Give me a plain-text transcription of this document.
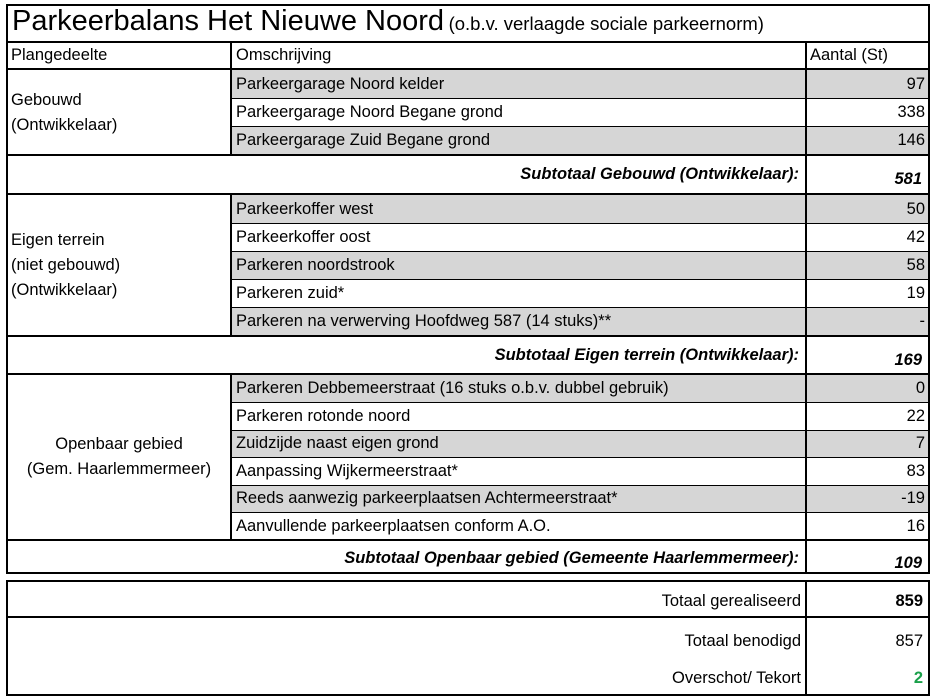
Parkeerbalans Het Nieuwe Noord (o.b.v. verlaagde sociale parkeernorm)
Plangedeelte	Omschrijving	Aantal (St)
Gebouwd
(Ontwikkelaar)
Parkeergarage Noord kelder	97
Parkeergarage Noord Begane grond	338
Parkeergarage Zuid Begane grond	146
Subtotaal Gebouwd (Ontwikkelaar):	581
Eigen terrein
(niet gebouwd)
(Ontwikkelaar)
Parkeerkoffer west	50
Parkeerkoffer oost	42
Parkeren noordstrook	58
Parkeren zuid*	19
Parkeren na verwerving Hoofdweg 587 (14 stuks)**	-
Subtotaal Eigen terrein (Ontwikkelaar):	169
Openbaar gebied
(Gem. Haarlemmermeer)
Parkeren Debbemeerstraat (16 stuks o.b.v. dubbel gebruik)	0
Parkeren rotonde noord	22
Zuidzijde naast eigen grond	7
Aanpassing Wijkermeerstraat*	83
Reeds aanwezig parkeerplaatsen Achtermeerstraat*	-19
Aanvullende parkeerplaatsen conform A.O.	16
Subtotaal Openbaar gebied (Gemeente Haarlemmermeer):	109
Totaal gerealiseerd	859
Totaal benodigd	857
Overschot/ Tekort	2
